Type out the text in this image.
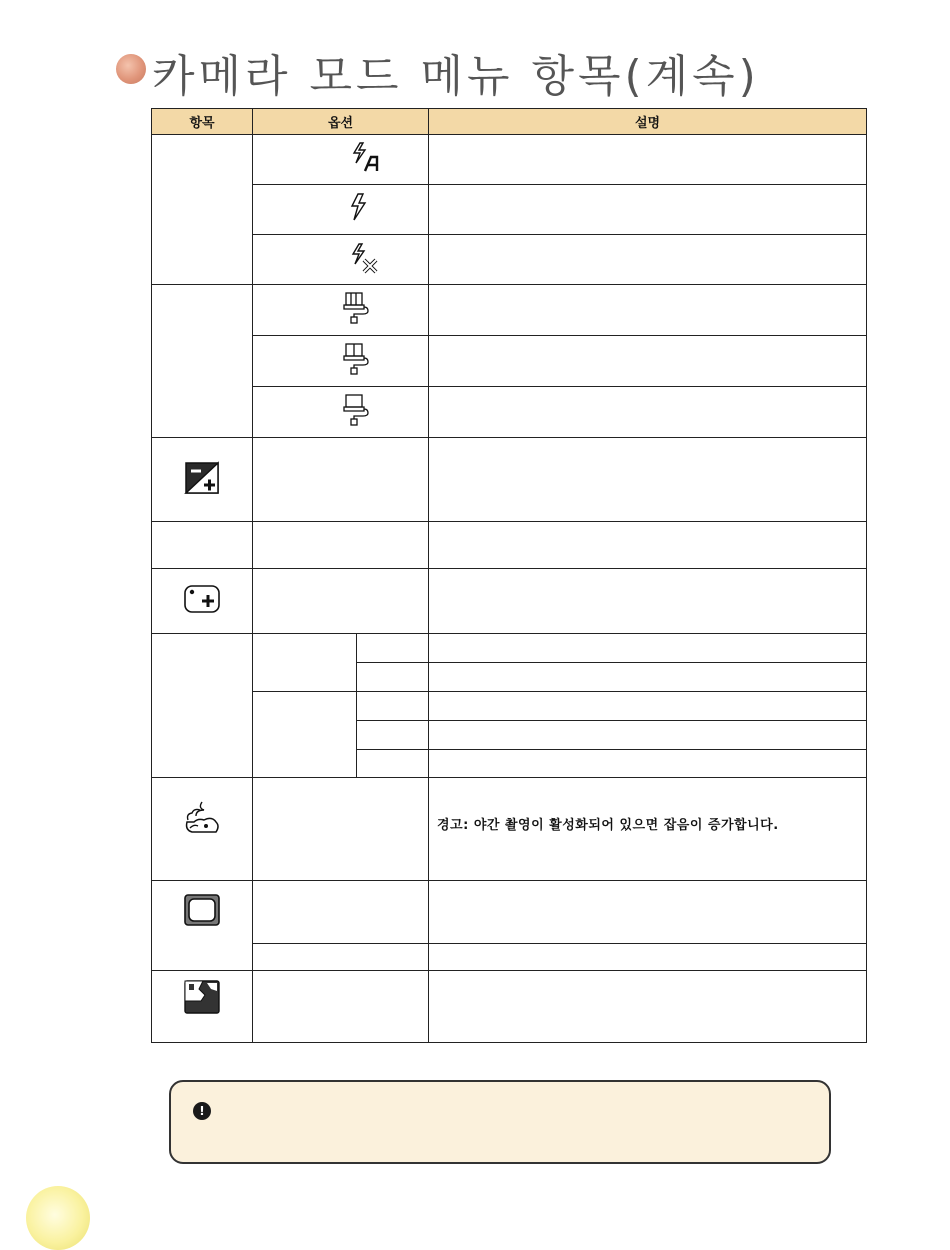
카메라 모드 메뉴 항목(계속)
항목	옵션		설명

		경고: 야간 촬영이 활성화되어 있으면 잡음이 증가합니다.

!
